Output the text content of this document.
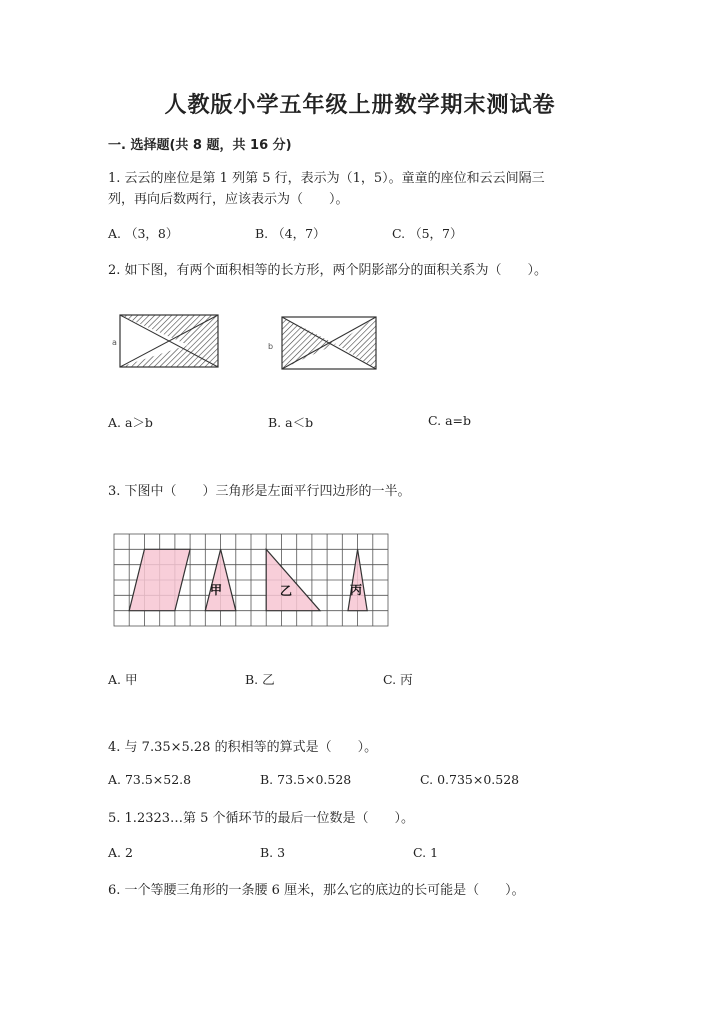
人教版小学五年级上册数学期末测试卷
一. 选择题(共 8 题，共 16 分)
1. 云云的座位是第 1 列第 5 行，表示为（1，5）。童童的座位和云云间隔三
列，再向后数两行，应该表示为（　　）。
A. （3，8）	B. （4，7）	C. （5，7）
2. 如下图，有两个面积相等的长方形，两个阴影部分的面积关系为（　　）。
a	b
A. a＞b	B. a＜b	C. a=b
3. 下图中（　　）三角形是左面平行四边形的一半。
甲	乙	丙
A. 甲	B. 乙	C. 丙
4. 与 7.35×5.28 的积相等的算式是（　　）。
A. 73.5×52.8	B. 73.5×0.528	C. 0.735×0.528
5. 1.2323…第 5 个循环节的最后一位数是（　　）。
A. 2	B. 3	C. 1
6. 一个等腰三角形的一条腰 6 厘米，那么它的底边的长可能是（　　）。
